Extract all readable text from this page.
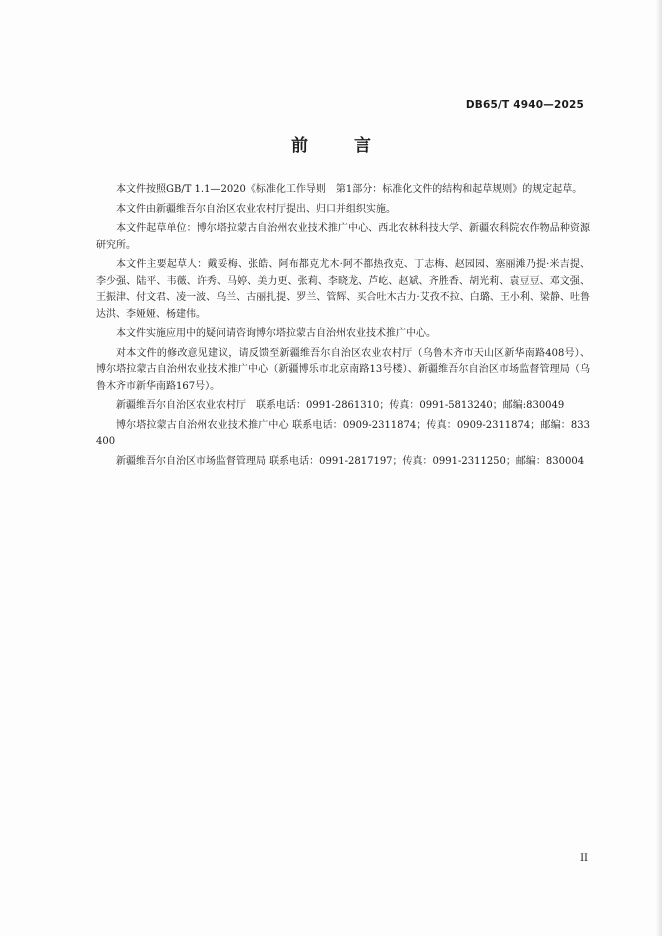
DB65/T 4940—2025
前 言

本文件按照GB/T 1.1—2020《标准化工作导则　第1部分：标准化文件的结构和起草规则》的规定起草。

本文件由新疆维吾尔自治区农业农村厅提出、归口并组织实施。

本文件起草单位：博尔塔拉蒙古自治州农业技术推广中心、西北农林科技大学、新疆农科院农作物品种资源研究所。

本文件主要起草人：戴妥梅、张皓、阿布都克尤木·阿不都热孜克、丁志梅、赵园园、塞丽滩乃提·米吉提、李少强、陆平、韦薇、许秀、马婷、美力更、张莉、李晓龙、芦屹、赵斌、齐胜香、胡光莉、袁豆豆、邓文强、王振津、付文君、凌一波、乌兰、古丽扎提、罗兰、管辉、买合吐木古力·艾孜不拉、白璐、王小利、梁静、吐鲁达洪、李娅娅、杨建伟。

本文件实施应用中的疑问请咨询博尔塔拉蒙古自治州农业技术推广中心。

对本文件的修改意见建议，请反馈至新疆维吾尔自治区农业农村厅（乌鲁木齐市天山区新华南路408号）、博尔塔拉蒙古自治州农业技术推广中心（新疆博乐市北京南路13号楼）、新疆维吾尔自治区市场监督管理局（乌鲁木齐市新华南路167号）。

新疆维吾尔自治区农业农村厅　联系电话：0991-2861310；传真：0991-5813240；邮编:830049

博尔塔拉蒙古自治州农业技术推广中心 联系电话：0909-2311874；传真：0909-2311874；邮编：833400

新疆维吾尔自治区市场监督管理局 联系电话：0991-2817197；传真：0991-2311250；邮编：830004

II
